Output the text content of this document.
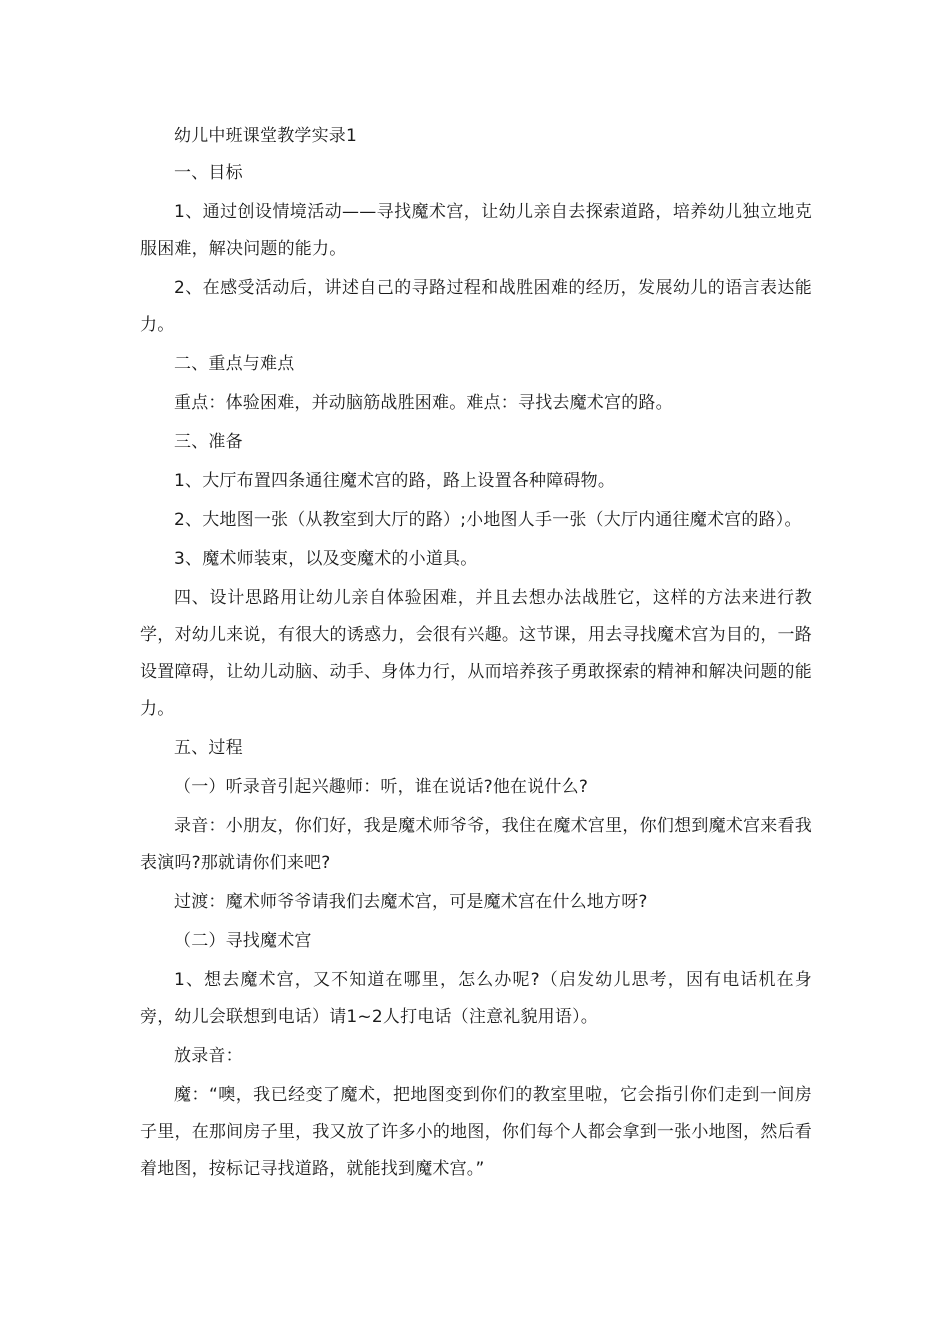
幼儿中班课堂教学实录1

一、目标

1、通过创设情境活动——寻找魔术宫，让幼儿亲自去探索道路，培养幼儿独立地克服困难，解决问题的能力。

2、在感受活动后，讲述自己的寻路过程和战胜困难的经历，发展幼儿的语言表达能力。

二、重点与难点

重点：体验困难，并动脑筋战胜困难。难点：寻找去魔术宫的路。

三、准备

1、大厅布置四条通往魔术宫的路，路上设置各种障碍物。

2、大地图一张（从教室到大厅的路）;小地图人手一张（大厅内通往魔术宫的路）。

3、魔术师装束，以及变魔术的小道具。

四、设计思路用让幼儿亲自体验困难，并且去想办法战胜它，这样的方法来进行教学，对幼儿来说，有很大的诱惑力，会很有兴趣。这节课，用去寻找魔术宫为目的，一路设置障碍，让幼儿动脑、动手、身体力行，从而培养孩子勇敢探索的精神和解决问题的能力。

五、过程

（一）听录音引起兴趣师：听，谁在说话?他在说什么?

录音：小朋友，你们好，我是魔术师爷爷，我住在魔术宫里，你们想到魔术宫来看我表演吗?那就请你们来吧?

过渡：魔术师爷爷请我们去魔术宫，可是魔术宫在什么地方呀?

（二）寻找魔术宫

1、想去魔术宫，又不知道在哪里，怎么办呢?（启发幼儿思考，因有电话机在身旁，幼儿会联想到电话）请1~2人打电话（注意礼貌用语）。

放录音：

魔：“噢，我已经变了魔术，把地图变到你们的教室里啦，它会指引你们走到一间房子里，在那间房子里，我又放了许多小的地图，你们每个人都会拿到一张小地图，然后看着地图，按标记寻找道路，就能找到魔术宫。”
